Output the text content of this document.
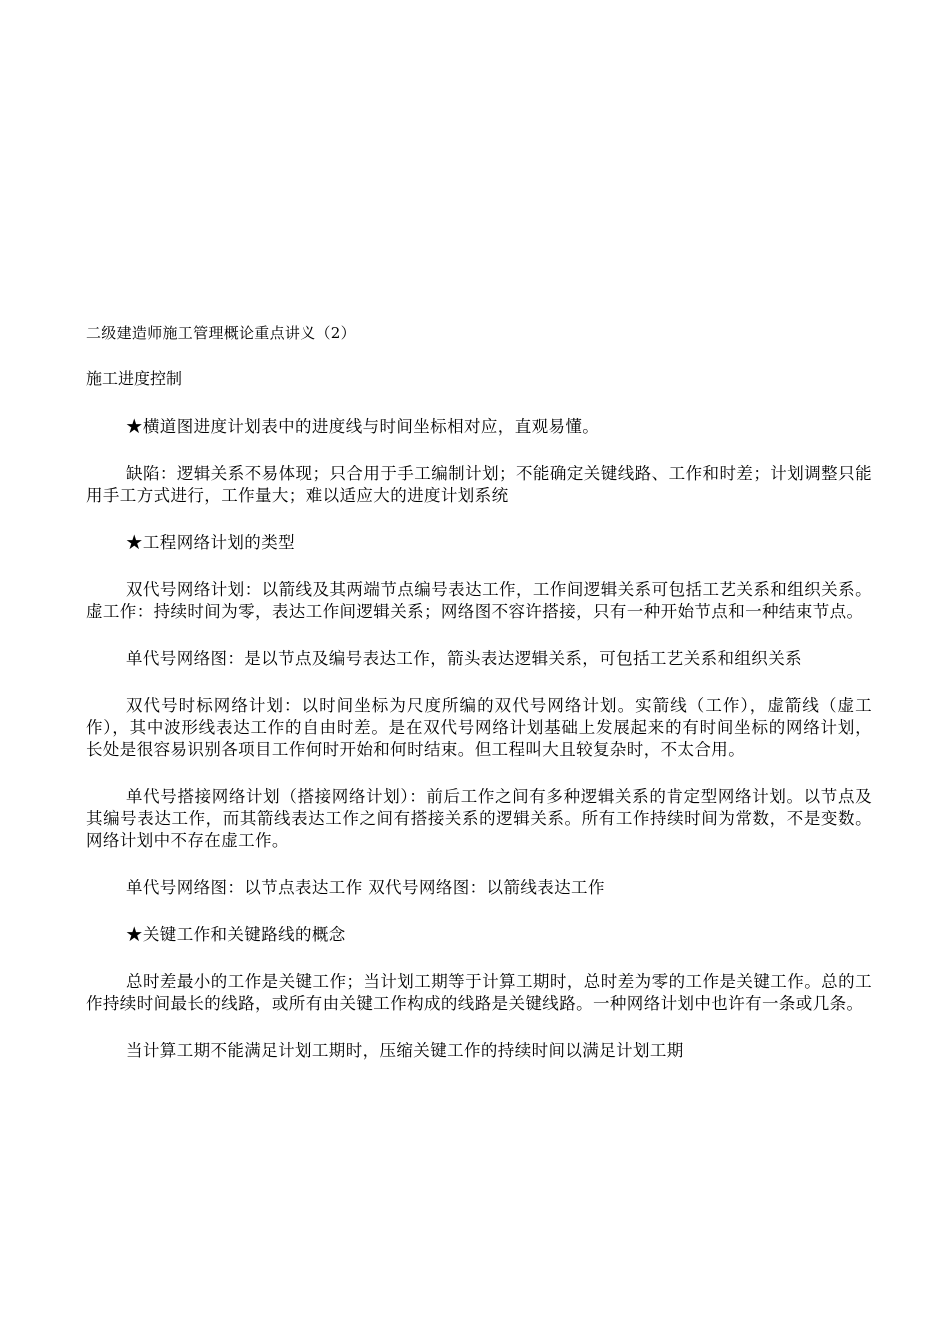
二级建造师施工管理概论重点讲义（2）
施工进度控制

★横道图进度计划表中的进度线与时间坐标相对应，直观易懂。

缺陷：逻辑关系不易体现；只合用于手工编制计划；不能确定关键线路、工作和时差；计划调整只能用手工方式进行，工作量大；难以适应大的进度计划系统

★工程网络计划的类型

双代号网络计划：以箭线及其两端节点编号表达工作，工作间逻辑关系可包括工艺关系和组织关系。虚工作：持续时间为零，表达工作间逻辑关系；网络图不容许搭接，只有一种开始节点和一种结束节点。

单代号网络图：是以节点及编号表达工作，箭头表达逻辑关系，可包括工艺关系和组织关系

双代号时标网络计划：以时间坐标为尺度所编的双代号网络计划。实箭线（工作），虚箭线（虚工作），其中波形线表达工作的自由时差。是在双代号网络计划基础上发展起来的有时间坐标的网络计划，长处是很容易识别各项目工作何时开始和何时结束。但工程叫大且较复杂时，不太合用。

单代号搭接网络计划（搭接网络计划）：前后工作之间有多种逻辑关系的肯定型网络计划。以节点及其编号表达工作，而其箭线表达工作之间有搭接关系的逻辑关系。所有工作持续时间为常数，不是变数。网络计划中不存在虚工作。

单代号网络图：以节点表达工作 双代号网络图：以箭线表达工作

★关键工作和关键路线的概念

总时差最小的工作是关键工作；当计划工期等于计算工期时，总时差为零的工作是关键工作。总的工作持续时间最长的线路，或所有由关键工作构成的线路是关键线路。一种网络计划中也许有一条或几条。

当计算工期不能满足计划工期时，压缩关键工作的持续时间以满足计划工期
